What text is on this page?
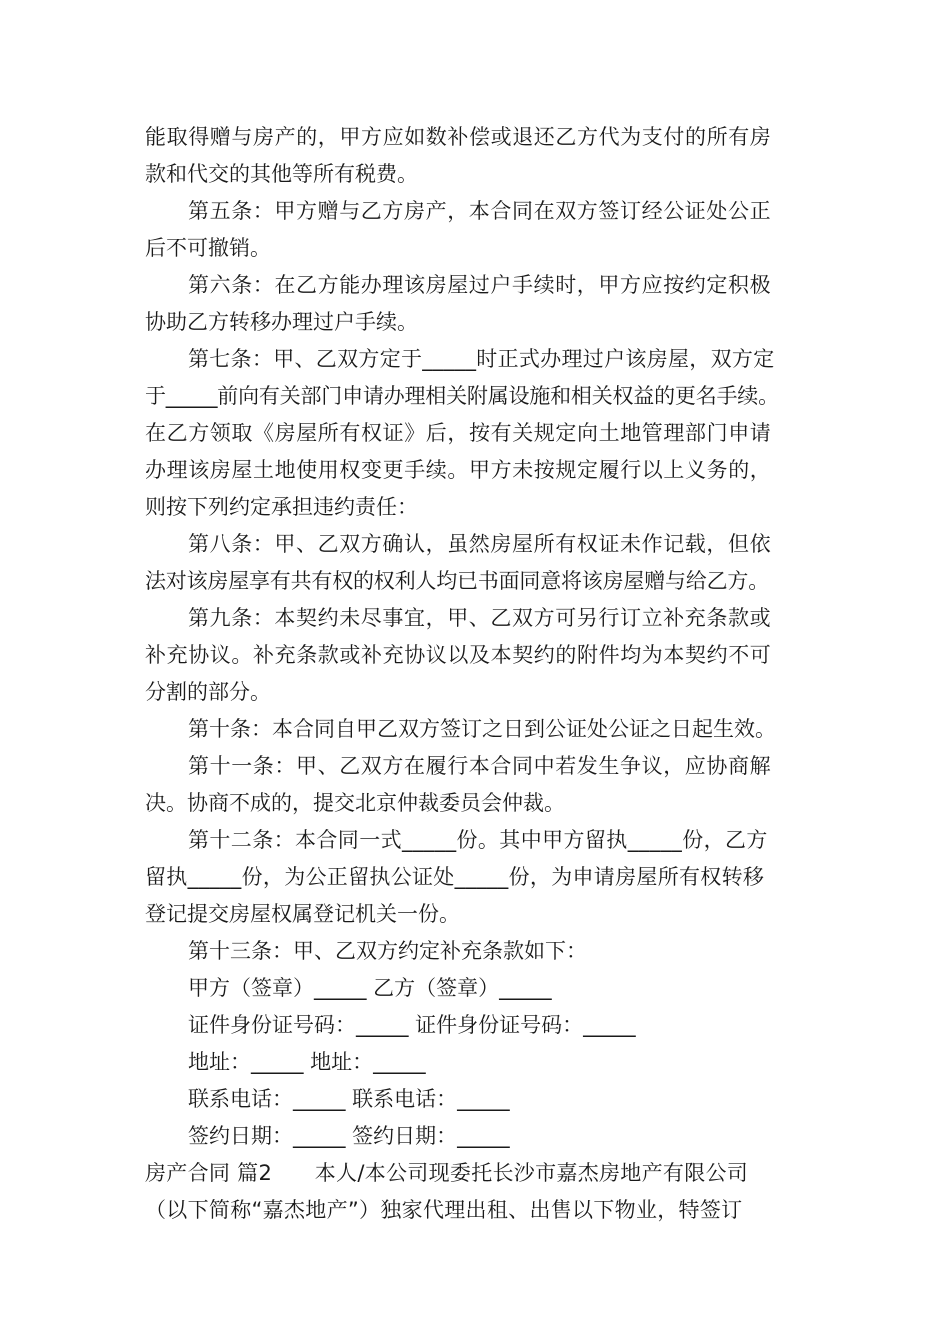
能取得赠与房产的，甲方应如数补偿或退还乙方代为支付的所有房
款和代交的其他等所有税费。
第五条：甲方赠与乙方房产，本合同在双方签订经公证处公正
后不可撤销。
第六条：在乙方能办理该房屋过户手续时，甲方应按约定积极
协助乙方转移办理过户手续。
第七条：甲、乙双方定于_____时正式办理过户该房屋，双方定
于_____前向有关部门申请办理相关附属设施和相关权益的更名手续。
在乙方领取《房屋所有权证》后，按有关规定向土地管理部门申请
办理该房屋土地使用权变更手续。甲方未按规定履行以上义务的，
则按下列约定承担违约责任：
第八条：甲、乙双方确认，虽然房屋所有权证未作记载，但依
法对该房屋享有共有权的权利人均已书面同意将该房屋赠与给乙方。
第九条：本契约未尽事宜，甲、乙双方可另行订立补充条款或
补充协议。补充条款或补充协议以及本契约的附件均为本契约不可
分割的部分。
第十条：本合同自甲乙双方签订之日到公证处公证之日起生效。
第十一条：甲、乙双方在履行本合同中若发生争议，应协商解
决。协商不成的，提交北京仲裁委员会仲裁。
第十二条：本合同一式_____份。其中甲方留执_____份，乙方
留执_____份，为公正留执公证处_____份，为申请房屋所有权转移
登记提交房屋权属登记机关一份。
第十三条：甲、乙双方约定补充条款如下：
甲方（签章）_____ 乙方（签章）_____
证件身份证号码：_____ 证件身份证号码：_____
地址：_____ 地址：_____
联系电话：_____ 联系电话：_____
签约日期：_____ 签约日期：_____
房产合同 篇2　　本人/本公司现委托长沙市嘉杰房地产有限公司
（以下简称“嘉杰地产”）独家代理出租、出售以下物业，特签订
